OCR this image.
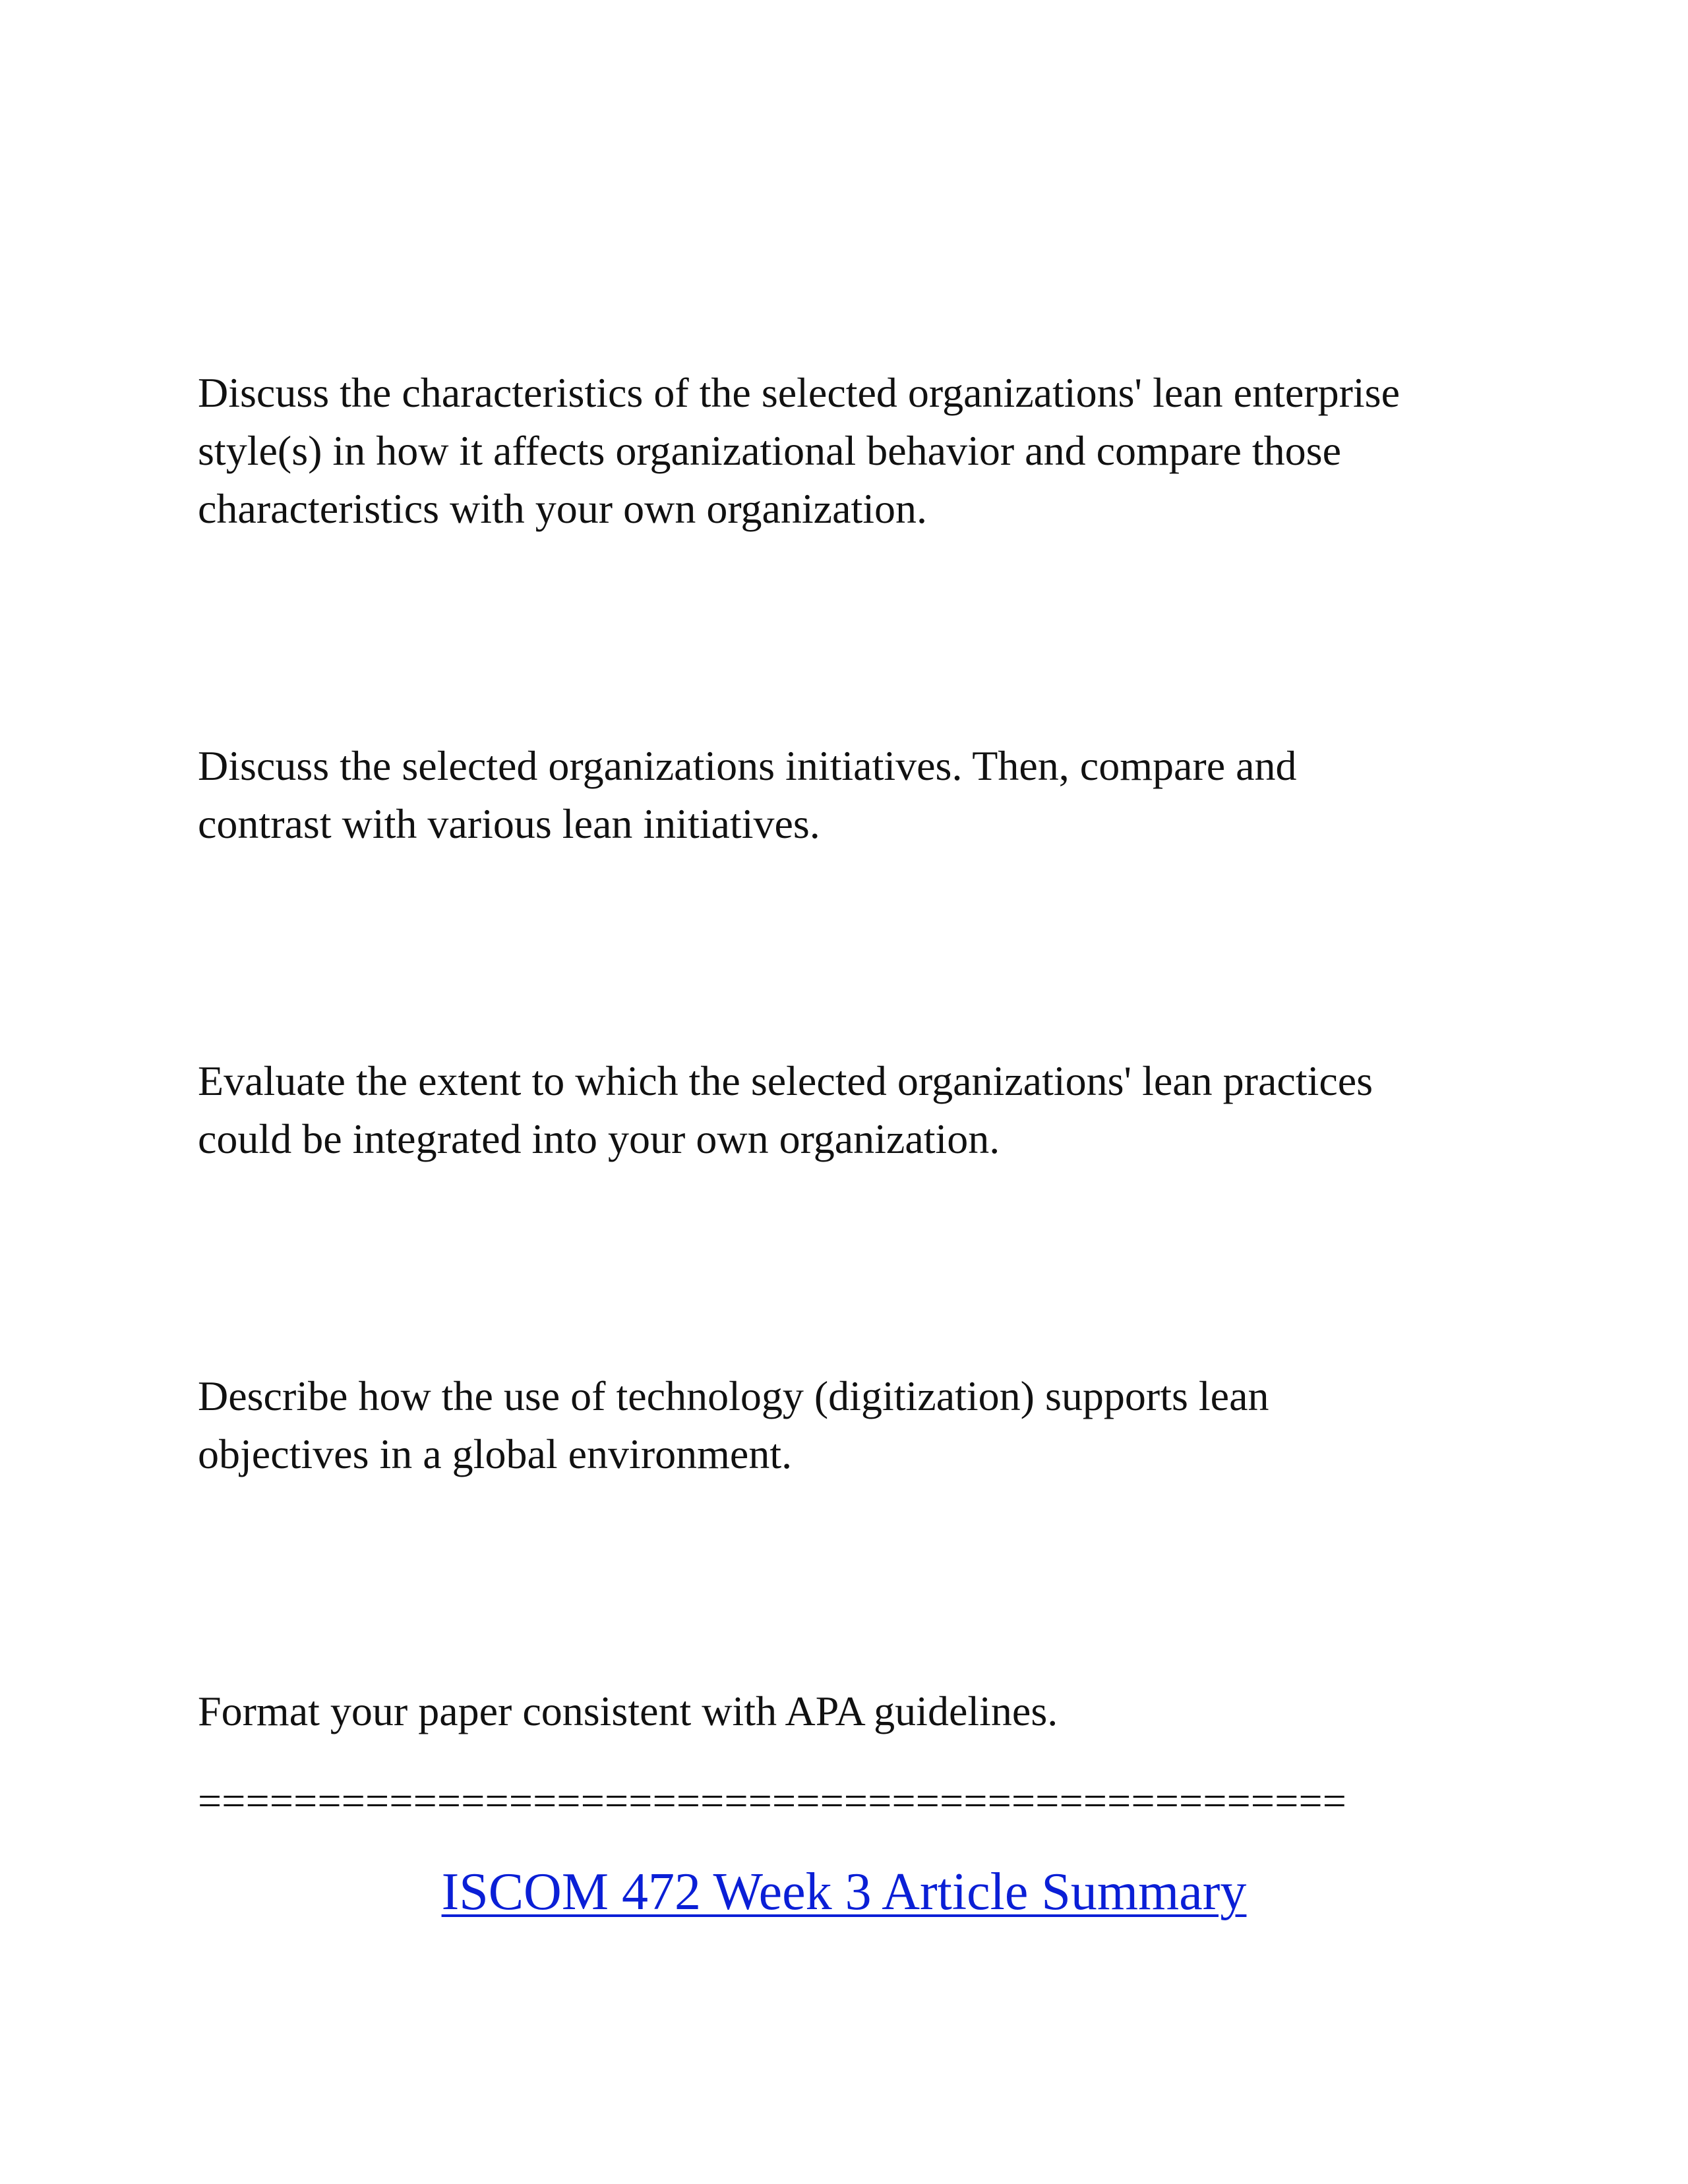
Discuss the characteristics of the selected organizations' lean enterprise
style(s) in how it affects organizational behavior and compare those
characteristics with your own organization.

Discuss the selected organizations initiatives. Then, compare and
contrast with various lean initiatives.

Evaluate the extent to which the selected organizations' lean practices
could be integrated into your own organization.

Describe how the use of technology (digitization) supports lean
objectives in a global environment.

Format your paper consistent with APA guidelines.

================================================

ISCOM 472 Week 3 Article Summary
